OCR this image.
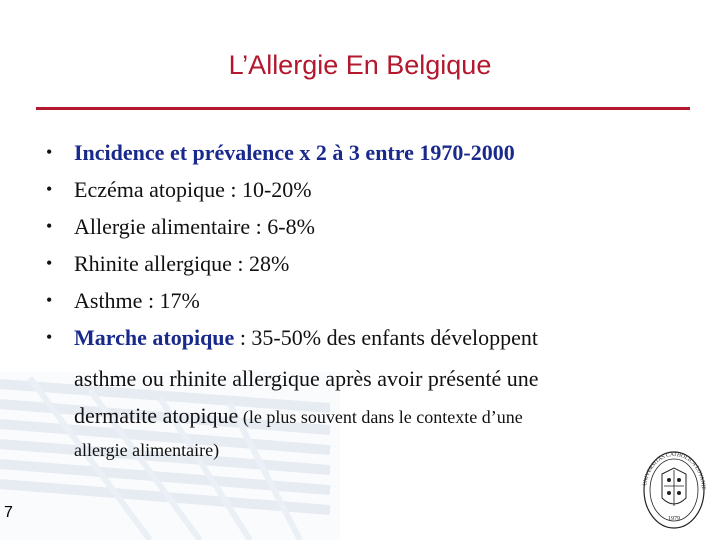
L’Allergie En Belgique
• Incidence et prévalence x 2 à 3 entre 1970-2000
• Eczéma atopique : 10-20%
• Allergie alimentaire : 6-8%
• Rhinite allergique : 28%
• Asthme : 17%
• Marche atopique : 35-50% des enfants développent
asthme ou rhinite allergique après avoir présenté une
dermatite atopique (le plus souvent dans le contexte d’une
allergie alimentaire)
7
UNIVERSITAS CATHOLICA LOVANIE
1979
